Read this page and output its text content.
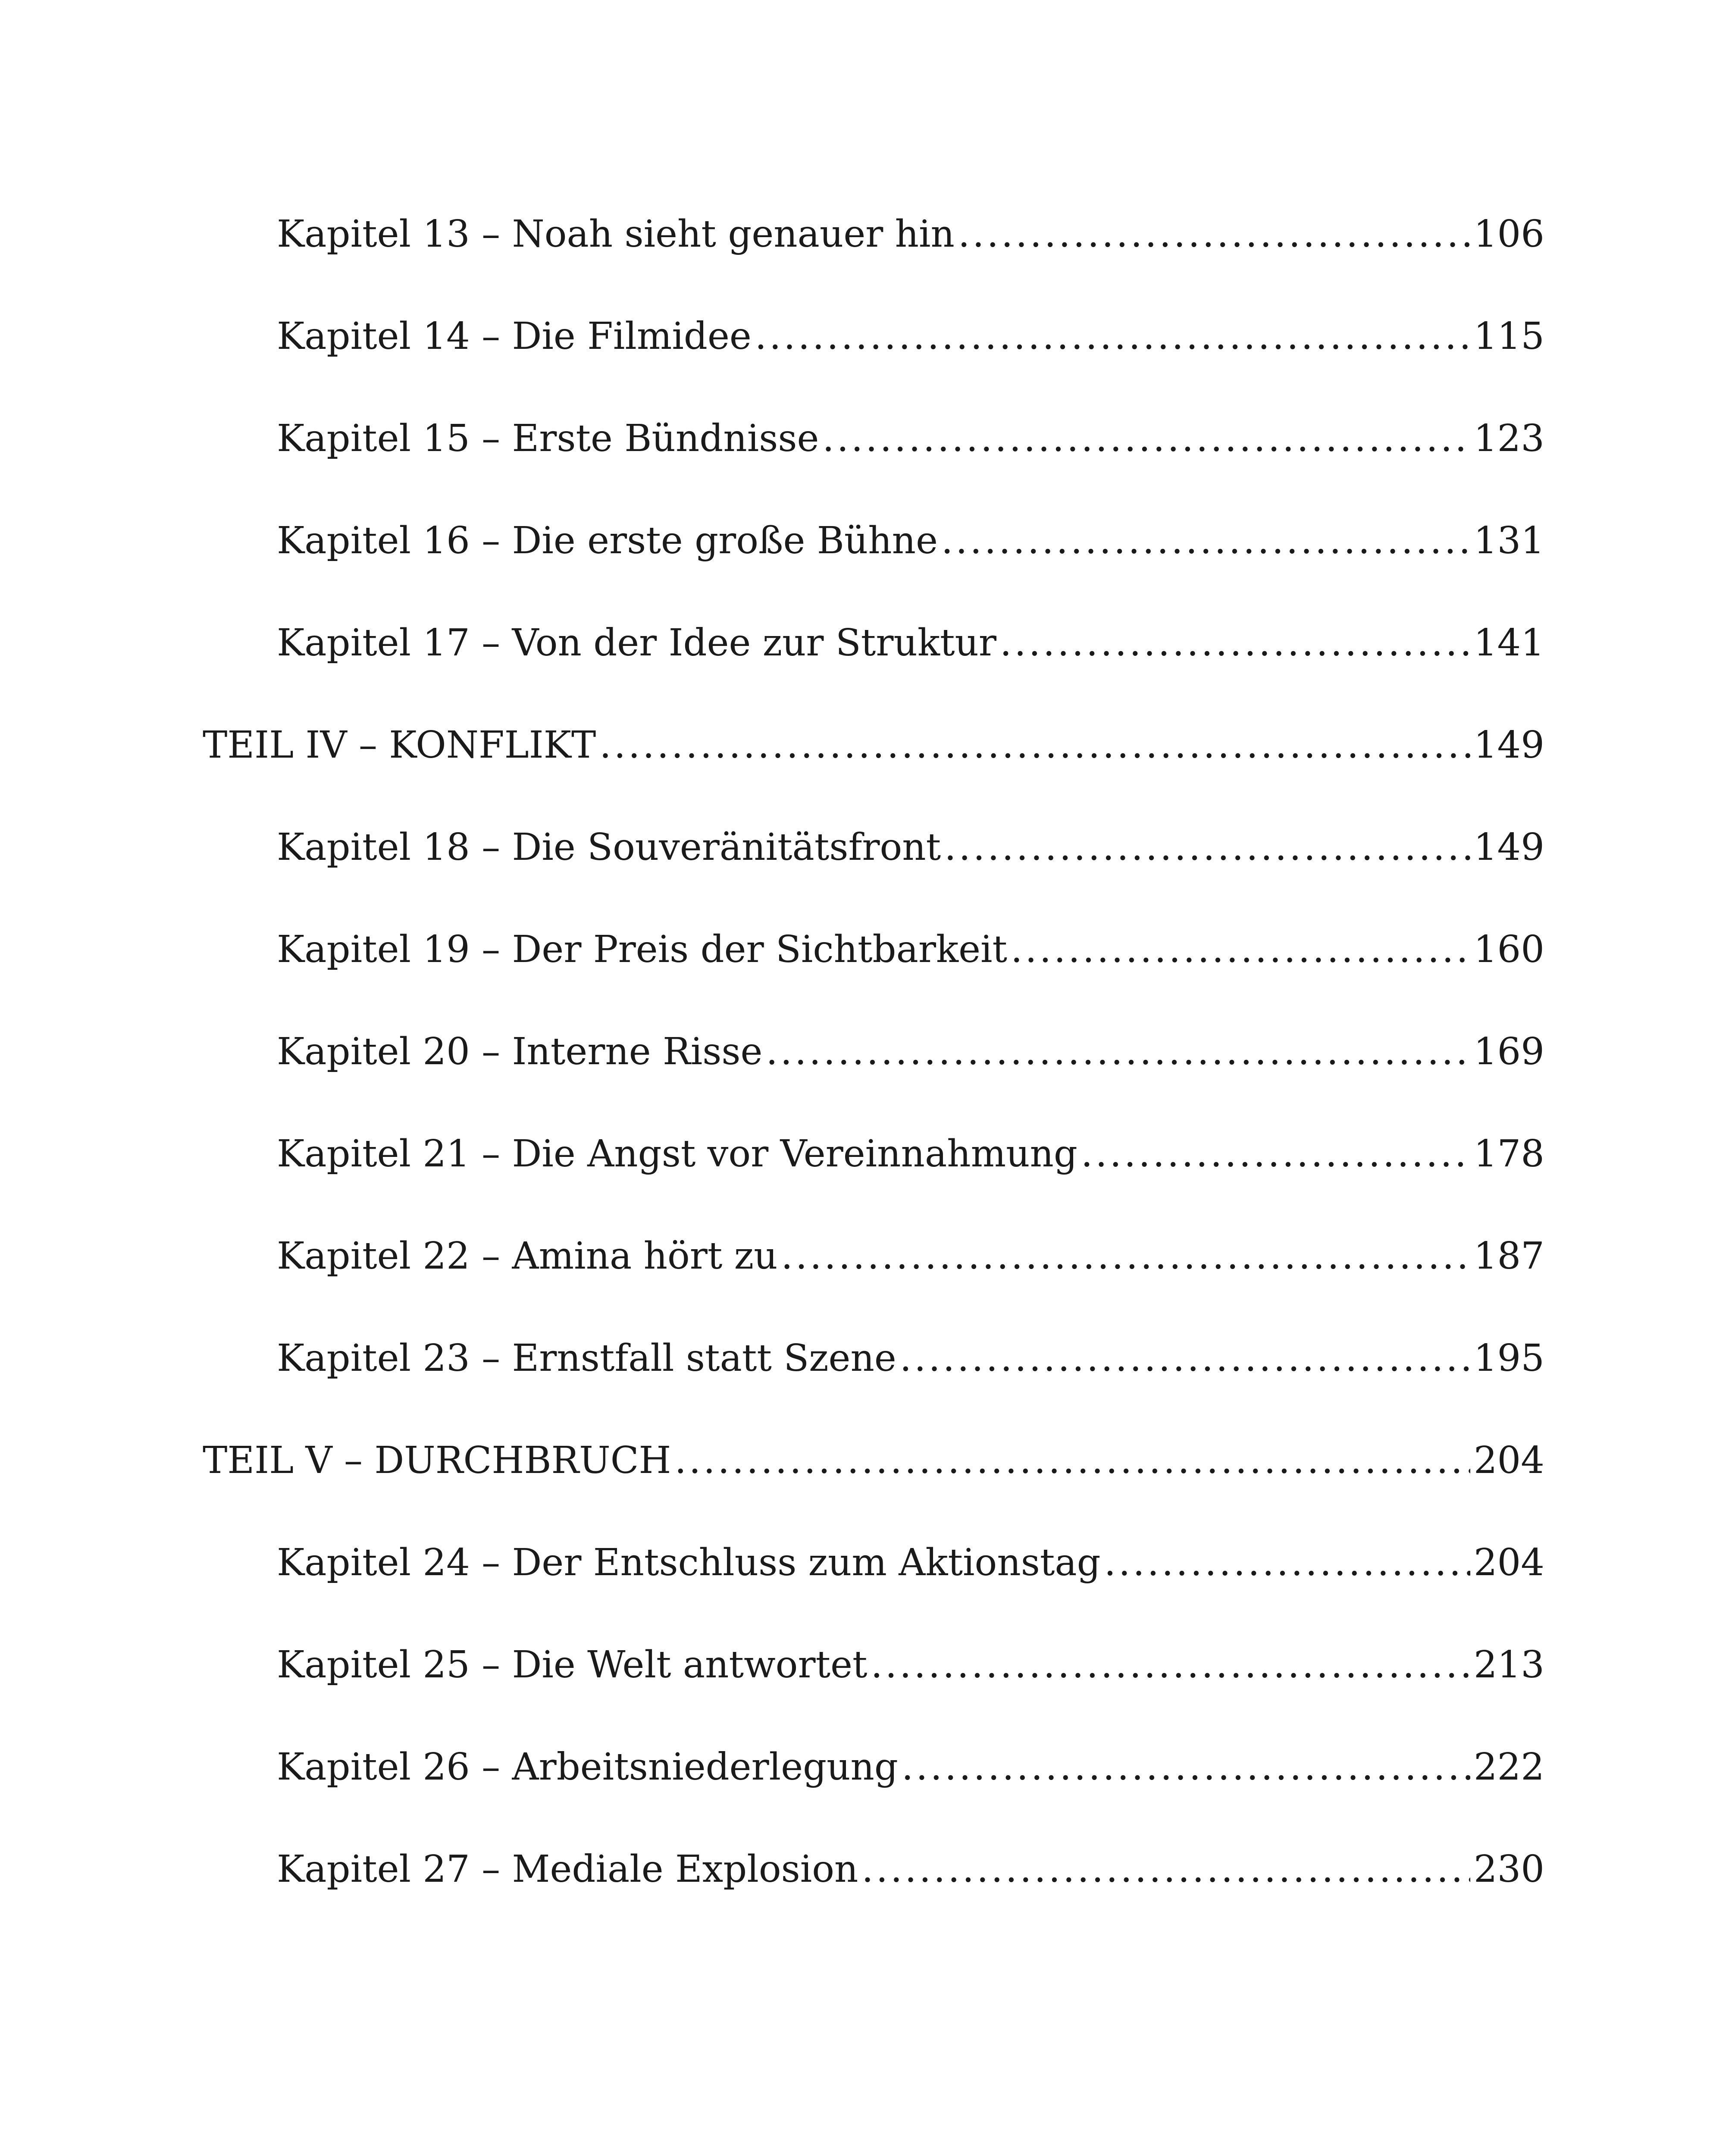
Kapitel 13 – Noah sieht genauer hin .....	106
Kapitel 14 – Die Filmidee .....	115
Kapitel 15 – Erste Bündnisse .....	123
Kapitel 16 – Die erste große Bühne .....	131
Kapitel 17 – Von der Idee zur Struktur .....	141
TEIL IV – KONFLIKT .....	149
Kapitel 18 – Die Souveränitätsfront .....	149
Kapitel 19 – Der Preis der Sichtbarkeit .....	160
Kapitel 20 – Interne Risse .....	169
Kapitel 21 – Die Angst vor Vereinnahmung .....	178
Kapitel 22 – Amina hört zu .....	187
Kapitel 23 – Ernstfall statt Szene .....	195
TEIL V – DURCHBRUCH .....	204
Kapitel 24 – Der Entschluss zum Aktionstag .....	204
Kapitel 25 – Die Welt antwortet .....	213
Kapitel 26 – Arbeitsniederlegung .....	222
Kapitel 27 – Mediale Explosion .....	230
